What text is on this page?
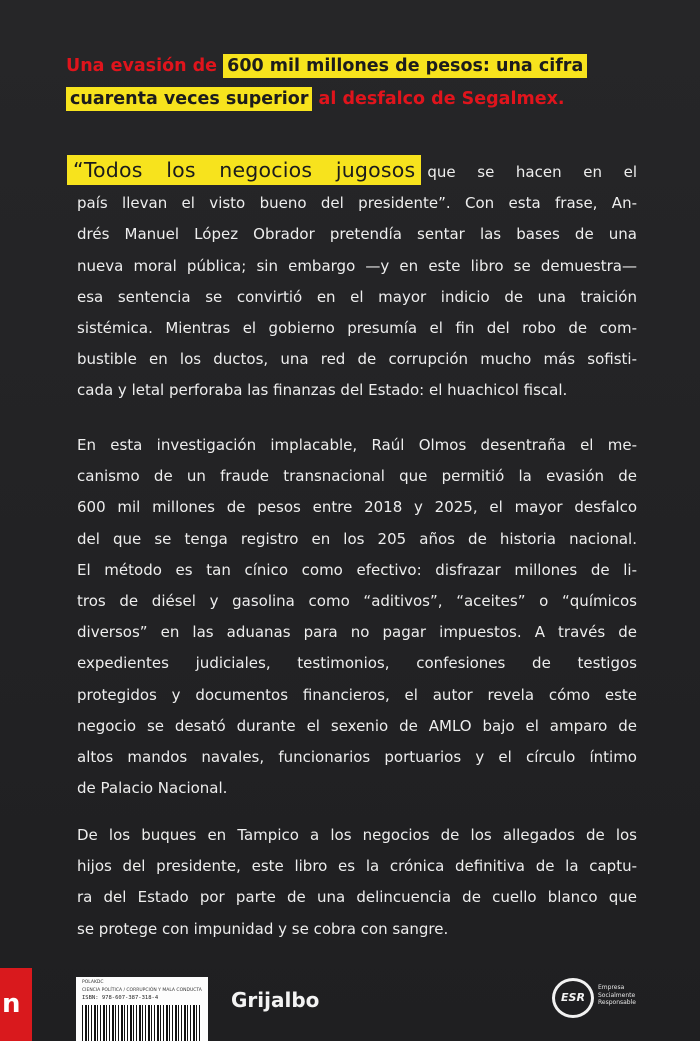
Una evasión de 600 mil millones de pesos: una cifra
cuarenta veces superior al desfalco de Segalmex.
“Todos los negocios jugosos que se hacen en el
país llevan el visto bueno del presidente”. Con esta frase, An-
drés Manuel López Obrador pretendía sentar las bases de una
nueva moral pública; sin embargo —y en este libro se demuestra—
esa sentencia se convirtió en el mayor indicio de una traición
sistémica. Mientras el gobierno presumía el fin del robo de com-
bustible en los ductos, una red de corrupción mucho más sofisti-
cada y letal perforaba las finanzas del Estado: el huachicol fiscal.
En esta investigación implacable, Raúl Olmos desentraña el me-
canismo de un fraude transnacional que permitió la evasión de
600 mil millones de pesos entre 2018 y 2025, el mayor desfalco
del que se tenga registro en los 205 años de historia nacional.
El método es tan cínico como efectivo: disfrazar millones de li-
tros de diésel y gasolina como “aditivos”, “aceites” o “químicos
diversos” en las aduanas para no pagar impuestos. A través de
expedientes judiciales, testimonios, confesiones de testigos
protegidos y documentos financieros, el autor revela cómo este
negocio se desató durante el sexenio de AMLO bajo el amparo de
altos mandos navales, funcionarios portuarios y el círculo íntimo
de Palacio Nacional.
De los buques en Tampico a los negocios de los allegados de los
hijos del presidente, este libro es la crónica definitiva de la captu-
ra del Estado por parte de una delincuencia de cuello blanco que
se protege con impunidad y se cobra con sangre.
n
POLAKDC
CIENCIA POLÍTICA / CORRUPCIÓN Y MALA CONDUCTA
ISBN: 978-607-387-318-4	Grijalbo	ESR
Empresa
Socialmente
Responsable
